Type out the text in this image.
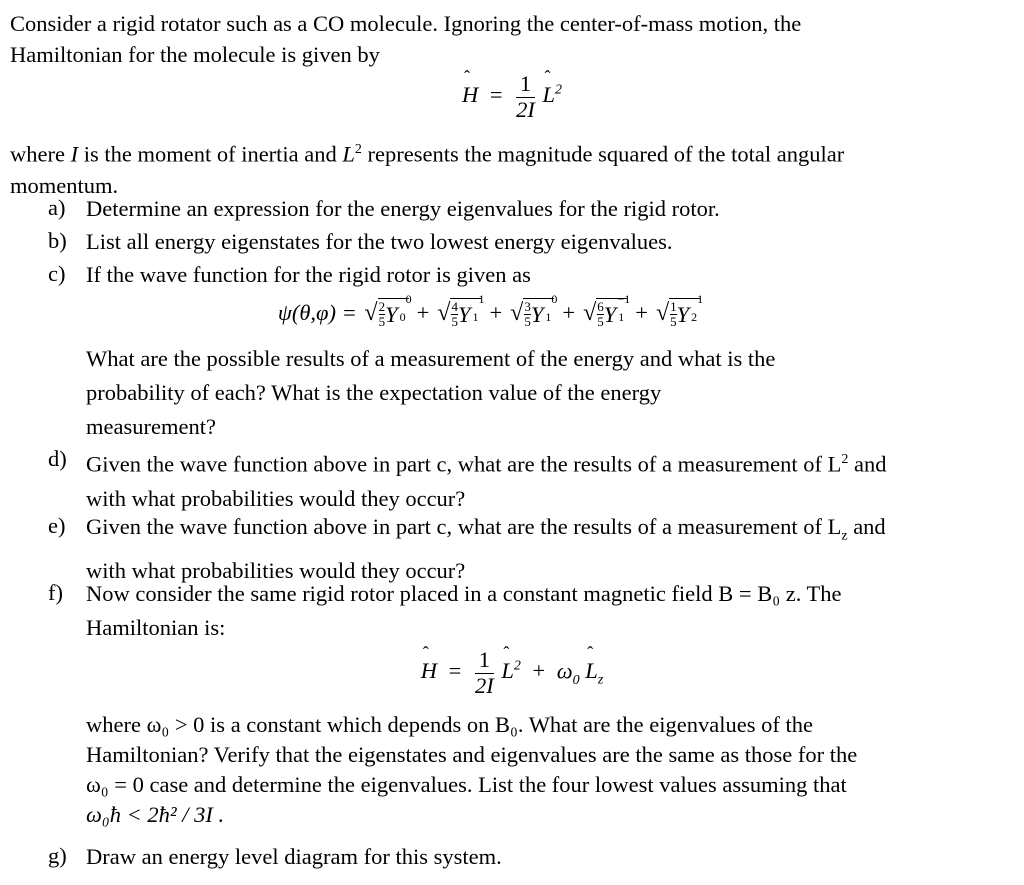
Consider a rigid rotator such as a CO molecule. Ignoring the center-of-mass motion, the

Hamiltonian for the molecule is given by

ˆ $H = \frac{1}{2I}$ ˆ $L^2$

where I is the moment of inertia and $L^2$ represents the magnitude squared of the total angular

momentum.

a) Determine an expression for the energy eigenvalues for the rigid rotor.
b) List all energy eigenstates for the two lowest energy eigenvalues.
c) If the wave function for the rigid rotor is given as
ψ(θ,φ) = √ $\frac{2}{5}$ Y
0
0 + √ $\frac{4}{5}$ Y
1
1 + √ $\frac{3}{5}$ Y
0
1 + √ $\frac{6}{5}$ Y
−1
1 + √ $\frac{1}{5}$ Y
1
2
What are the possible results of a measurement of the energy and what is the
probability of each? What is the expectation value of the energy
measurement?
d) Given the wave function above in part c, what are the results of a measurement of $L^2$ and
with what probabilities would they occur?
e) Given the wave function above in part c, what are the results of a measurement of $L_z$ and
with what probabilities would they occur?
f)	Now consider the same rigid rotor placed in a constant magnetic field B = B₀ z. The
Hamiltonian is:
ˆ $H = \frac{1}{2I}$ ˆ $L^2 + \omega_0$ ˆ $L_z$
where ω₀ > 0 is a constant which depends on B₀. What are the eigenvalues of the
Hamiltonian? Verify that the eigenstates and eigenvalues are the same as those for the
ω₀ = 0 case and determine the eigenvalues. List the four lowest values assuming that
ω₀ħ < 2ħ² / 3I .
g) Draw an energy level diagram for this system.
